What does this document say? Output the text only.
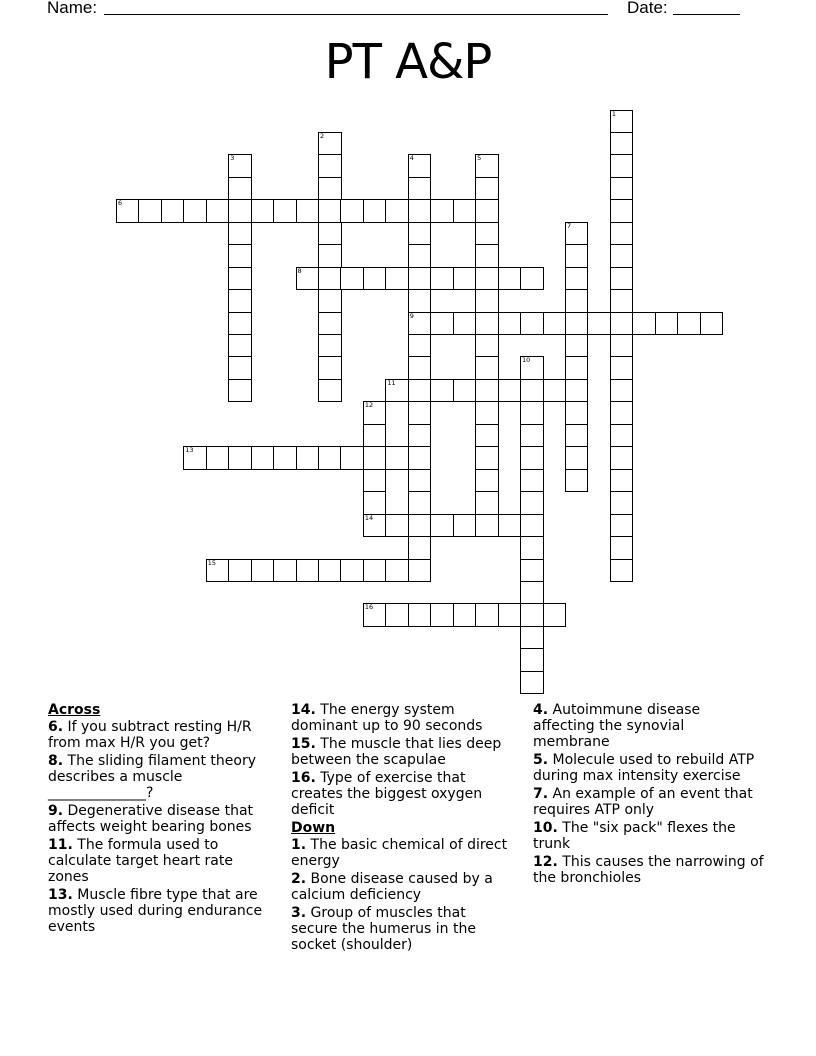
Name:	Date:
PT A&P
1
2
3	4
9
5
6
7
8
10
11
12
13
14
15
16
Across
6. If you subtract resting H/R from max H/R you get?
8. The sliding filament theory describes a muscle ______________?
9. Degenerative disease that affects weight bearing bones
11. The formula used to calculate target heart rate zones
13. Muscle fibre type that are mostly used during endurance events
14. The energy system dominant up to 90 seconds
15. The muscle that lies deep between the scapulae
16. Type of exercise that creates the biggest oxygen deficit
Down
1. The basic chemical of direct energy
2. Bone disease caused by a calcium deficiency
3. Group of muscles that secure the humerus in the socket (shoulder)
4. Autoimmune disease affecting the synovial membrane
5. Molecule used to rebuild ATP during max intensity exercise
7. An example of an event that requires ATP only
10. The "six pack" flexes the trunk
12. This causes the narrowing of the bronchioles
